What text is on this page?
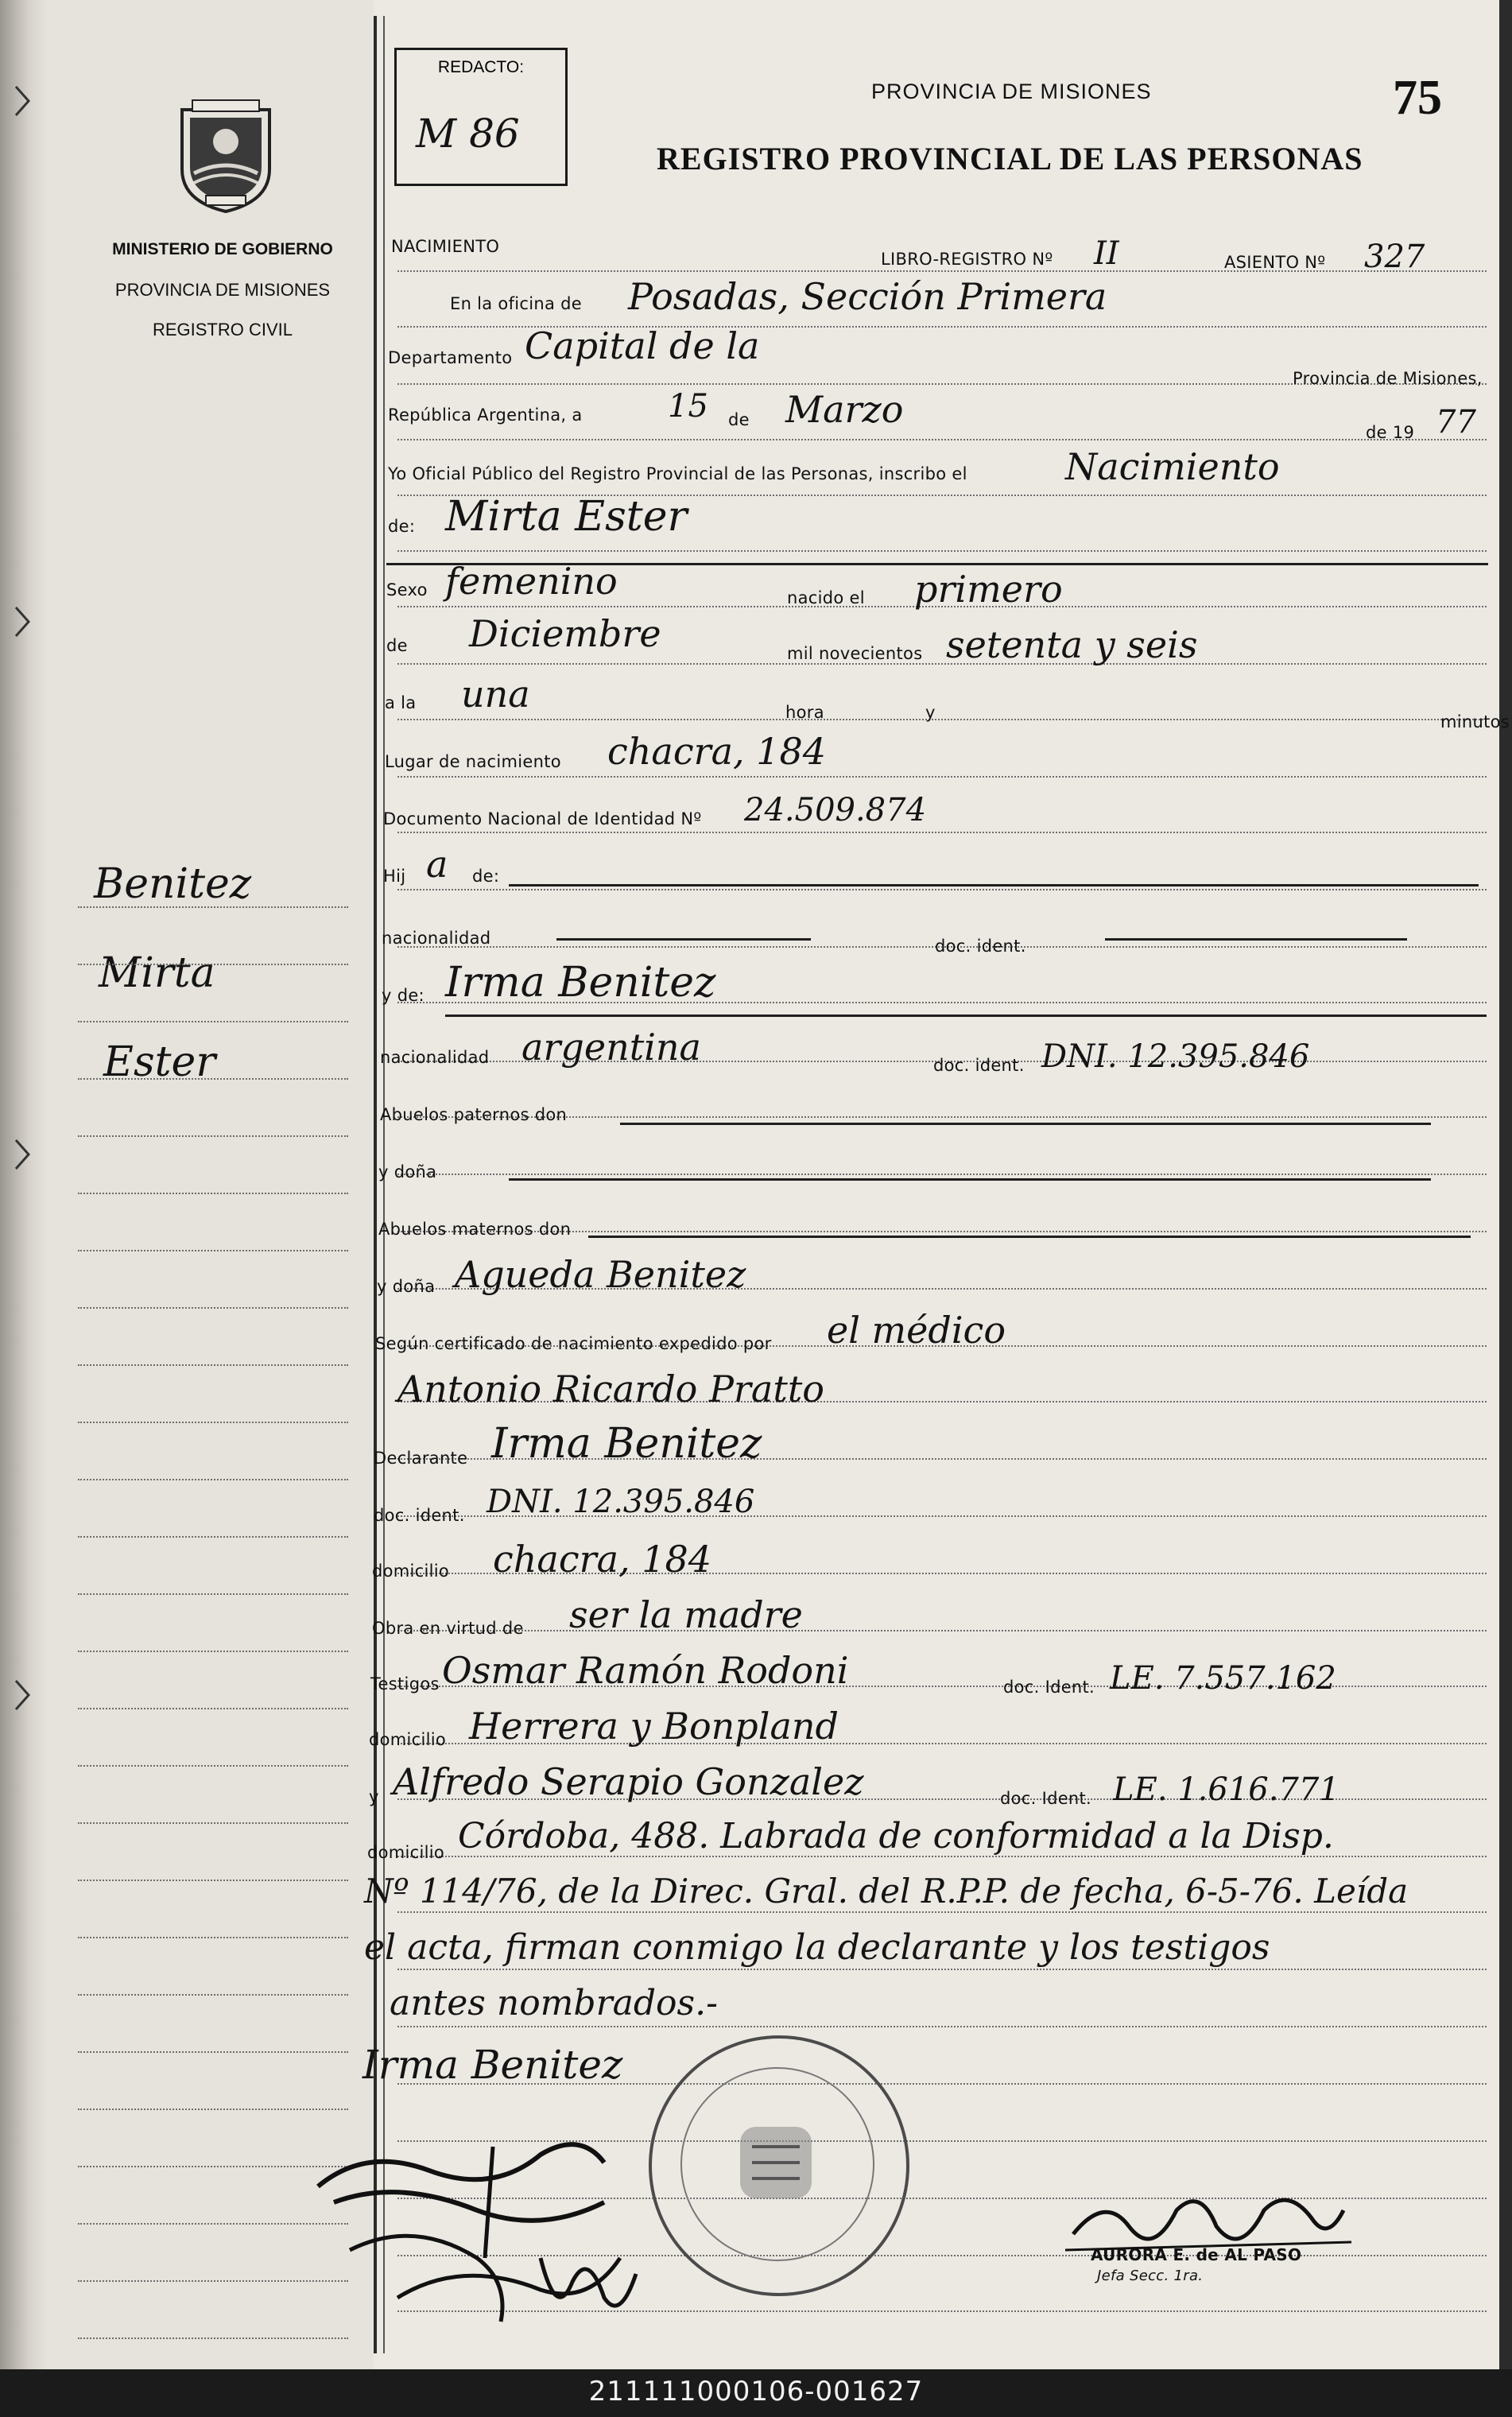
MINISTERIO DE GOBIERNO
PROVINCIA DE MISIONES
REGISTRO CIVIL
REDACTO:
M 86
PROVINCIA DE MISIONES
REGISTRO PROVINCIAL DE LAS PERSONAS
75
Benitez
Mirta
Ester
NACIMIENTO
LIBRO-REGISTRO Nº II	ASIENTO Nº 327
En la oficina de Posadas, Sección Primera
Departamento Capital de la
Provincia de Misiones,
República Argentina, a	15 de Marzo
de 19 77
Yo Oficial Público del Registro Provincial de las Personas, inscribo el	Nacimiento
de: Mirta Ester
Sexo femenino	nacido el primero
de Diciembre	mil novecientos setenta y seis
a la una	hora	y	minutos
Lugar de nacimiento chacra, 184
Documento Nacional de Identidad Nº 24.509.874
Hij a de:
nacionalidad	doc. ident.
y de: Irma Benitez
nacionalidad argentina	doc. ident. DNI. 12.395.846
Abuelos paternos don
y doña
Abuelos maternos don
y doña Agueda Benitez
Según certificado de nacimiento expedido por el médico
Antonio Ricardo Pratto
Declarante Irma Benitez
doc. ident. DNI. 12.395.846
domicilio chacra, 184
Obra en virtud de ser la madre
Testigos Osmar Ramón Rodoni	doc. Ident. LE. 7.557.162
domicilio Herrera y Bonpland
y Alfredo Serapio Gonzalez	doc. Ident. LE. 1.616.771
domicilio Córdoba, 488. Labrada de conformidad a la Disp.
Nº 114/76, de la Direc. Gral. del R.P.P. de fecha, 6-5-76. Leída
el acta, firman conmigo la declarante y los testigos
antes nombrados.-
Irma Benitez
AURORA E. de AL PASO
Jefa Secc. 1ra.
211111000106-001627
